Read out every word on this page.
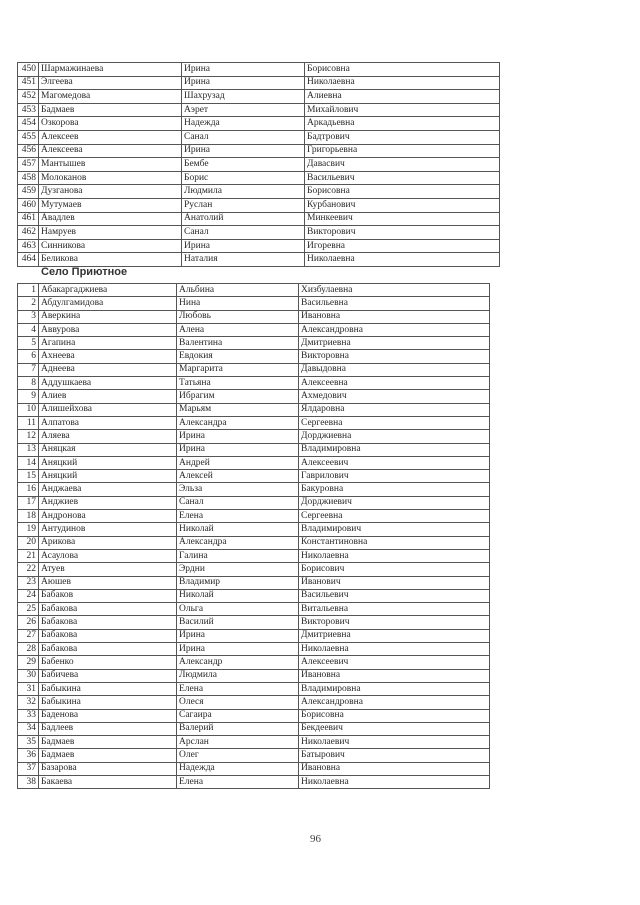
450	Шармажинаева	Ирина	Борисовна
451	Элгеева	Ирина	Николаевна
452	Магомедова	Шахрузад	Алиевна
453	Бадмаев	Аэрет	Михайлович
454	Озкорова	Надежда	Аркадьевна
455	Алексеев	Санал	Бадтрович
456	Алексеева	Ирина	Григорьевна
457	Мантышев	Бембе	Давасвич
458	Молоканов	Борис	Васильевич
459	Дузганова	Людмила	Борисовна
460	Мутумаев	Руслан	Курбанович
461	Авадлев	Анатолий	Минкеевич
462	Намруев	Санал	Викторович
463	Синникова	Ирина	Игоревна
464	Беликова	Наталия	Николаевна
Село Приютное
1	Абакаргаджиева	Альбина	Хизбулаевна
2	Абдулгамидова	Нина	Васильевна
3	Аверкина	Любовь	Ивановна
4	Аввурова	Алена	Александровна
5	Агапина	Валентина	Дмитриевна
6	Ахнеева	Евдокия	Викторовна
7	Аднеева	Маргарита	Давыдовна
8	Аддушкаева	Татьяна	Алексеевна
9	Алиев	Ибрагим	Ахмедович
10	Алишейхова	Марьям	Ялдаровна
11	Алпатова	Александра	Сергеевна
12	Аляева	Ирина	Дорджиевна
13	Аняцкая	Ирина	Владимировна
14	Аняцкий	Андрей	Алексеевич
15	Аняцкий	Алексей	Гаврилович
16	Анджаева	Эльза	Бакуровна
17	Анджиев	Санал	Дорджиевич
18	Андронова	Елена	Сергеевна
19	Антудинов	Николай	Владимирович
20	Арикова	Александра	Константиновна
21	Асаулова	Галина	Николаевна
22	Атуев	Эрдни	Борисович
23	Аюшев	Владимир	Иванович
24	Бабаков	Николай	Васильевич
25	Бабакова	Ольга	Витальевна
26	Бабакова	Василий	Викторович
27	Бабакова	Ирина	Дмитриевна
28	Бабакова	Ирина	Николаевна
29	Бабенко	Александр	Алексеевич
30	Бабичева	Людмила	Ивановна
31	Бабыкина	Елена	Владимировна
32	Бабыкина	Олеся	Александровна
33	Баденова	Сагаира	Борисовна
34	Бадлеев	Валерий	Бекдеевич
35	Бадмаев	Арслан	Николаевич
36	Бадмаев	Олег	Батырович
37	Базарова	Надежда	Ивановна
38	Бакаева	Елена	Николаевна
96
